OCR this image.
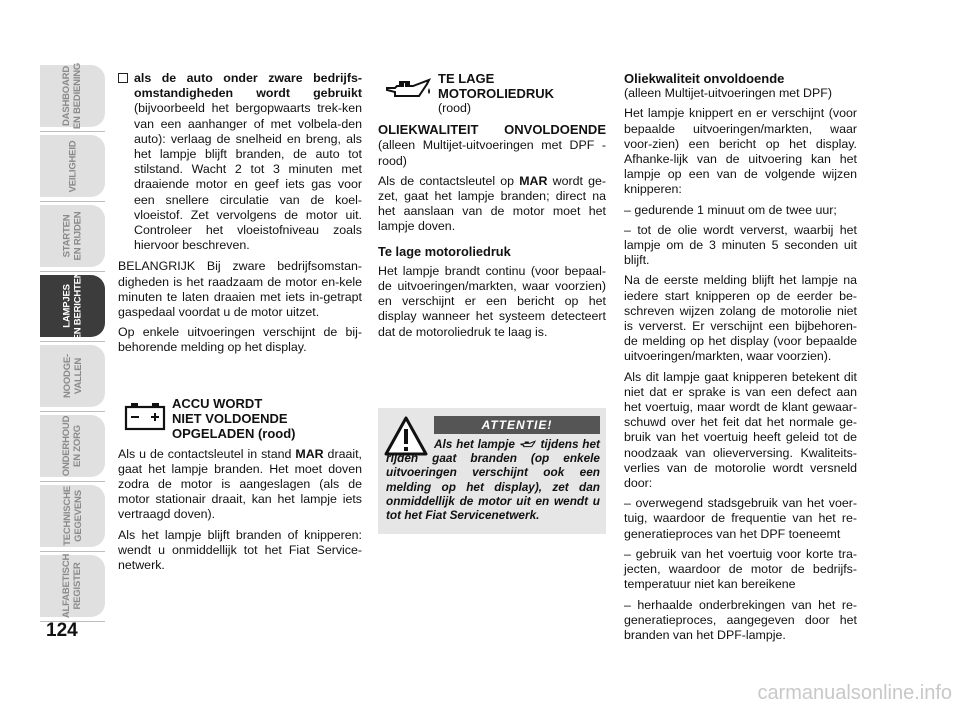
DASHBOARD
EN BEDIENING
VEILIGHEID
STARTEN
EN RIJDEN
LAMPJES
EN BERICHTEN
NOODGE-
VALLEN
ONDERHOUD
EN ZORG
TECHNISCHE
GEGEVENS
ALFABETISCH
REGISTER
124
als de auto onder zware bedrijfs-omstandigheden wordt gebruikt (bijvoorbeeld het bergopwaarts trek-ken van een aanhanger of met volbela-den auto): verlaag de snelheid en breng, als het lampje blijft branden, de auto tot stilstand. Wacht 2 tot 3 minuten met draaiende motor en geef iets gas voor een snellere circulatie van de koel-vloeistof. Zet vervolgens de motor uit. Controleer het vloeistofniveau zoals hiervoor beschreven.

BELANGRIJK Bij zware bedrijfsomstan-digheden is het raadzaam de motor en-kele minuten te laten draaien met iets in-getrapt gaspedaal voordat u de motor uitzet.

Op enkele uitvoeringen verschijnt de bij-behorende melding op het display.

ACCU WORDT
NIET VOLDOENDE
OPGELADEN (rood)

Als u de contactsleutel in stand MAR draait, gaat het lampje branden. Het moet doven zodra de motor is aangeslagen (als de motor stationair draait, kan het lampje iets vertraagd doven).

Als het lampje blijft branden of knipperen: wendt u onmiddellijk tot het Fiat Service-netwerk.

TE LAGE
MOTOROLIEDRUK
(rood)

OLIEKWALITEIT ONVOLDOENDE (alleen Multijet-uitvoeringen met DPF - rood)

Als de contactsleutel op MAR wordt ge-zet, gaat het lampje branden; direct na het aanslaan van de motor moet het lampje doven.

Te lage motoroliedruk

Het lampje brandt continu (voor bepaal-de uitvoeringen/markten, waar voorzien) en verschijnt er een bericht op het display wanneer het systeem detecteert dat de motoroliedruk te laag is.

ATTENTIE!
Als het lampje  tijdens het rijden gaat branden (op enkele uitvoeringen verschijnt ook een melding op het display), zet dan onmiddellijk de motor uit en wendt u tot het Fiat Servicenetwerk.
Oliekwaliteit onvoldoende
(alleen Multijet-uitvoeringen met DPF)

Het lampje knippert en er verschijnt (voor bepaalde uitvoeringen/markten, waar voor-zien) een bericht op het display. Afhanke-lijk van de uitvoering kan het lampje op een van de volgende wijzen knipperen:

– gedurende 1 minuut om de twee uur;

– tot de olie wordt ververst, waarbij het lampje om de 3 minuten 5 seconden uit blijft.

Na de eerste melding blijft het lampje na iedere start knipperen op de eerder be-schreven wijzen zolang de motorolie niet is ververst. Er verschijnt een bijbehoren-de melding op het display (voor bepaalde uitvoeringen/markten, waar voorzien).

Als dit lampje gaat knipperen betekent dit niet dat er sprake is van een defect aan het voertuig, maar wordt de klant gewaar-schuwd over het feit dat het normale ge-bruik van het voertuig heeft geleid tot de noodzaak van olieverversing. Kwaliteits-verlies van de motorolie wordt versneld door:

– overwegend stadsgebruik van het voer-tuig, waardoor de frequentie van het re-generatieproces van het DPF toeneemt

– gebruik van het voertuig voor korte tra-jecten, waardoor de motor de bedrijfs-temperatuur niet kan bereikene

– herhaalde onderbrekingen van het re-generatieproces, aangegeven door het branden van het DPF-lampje.

carmanualsonline.info
